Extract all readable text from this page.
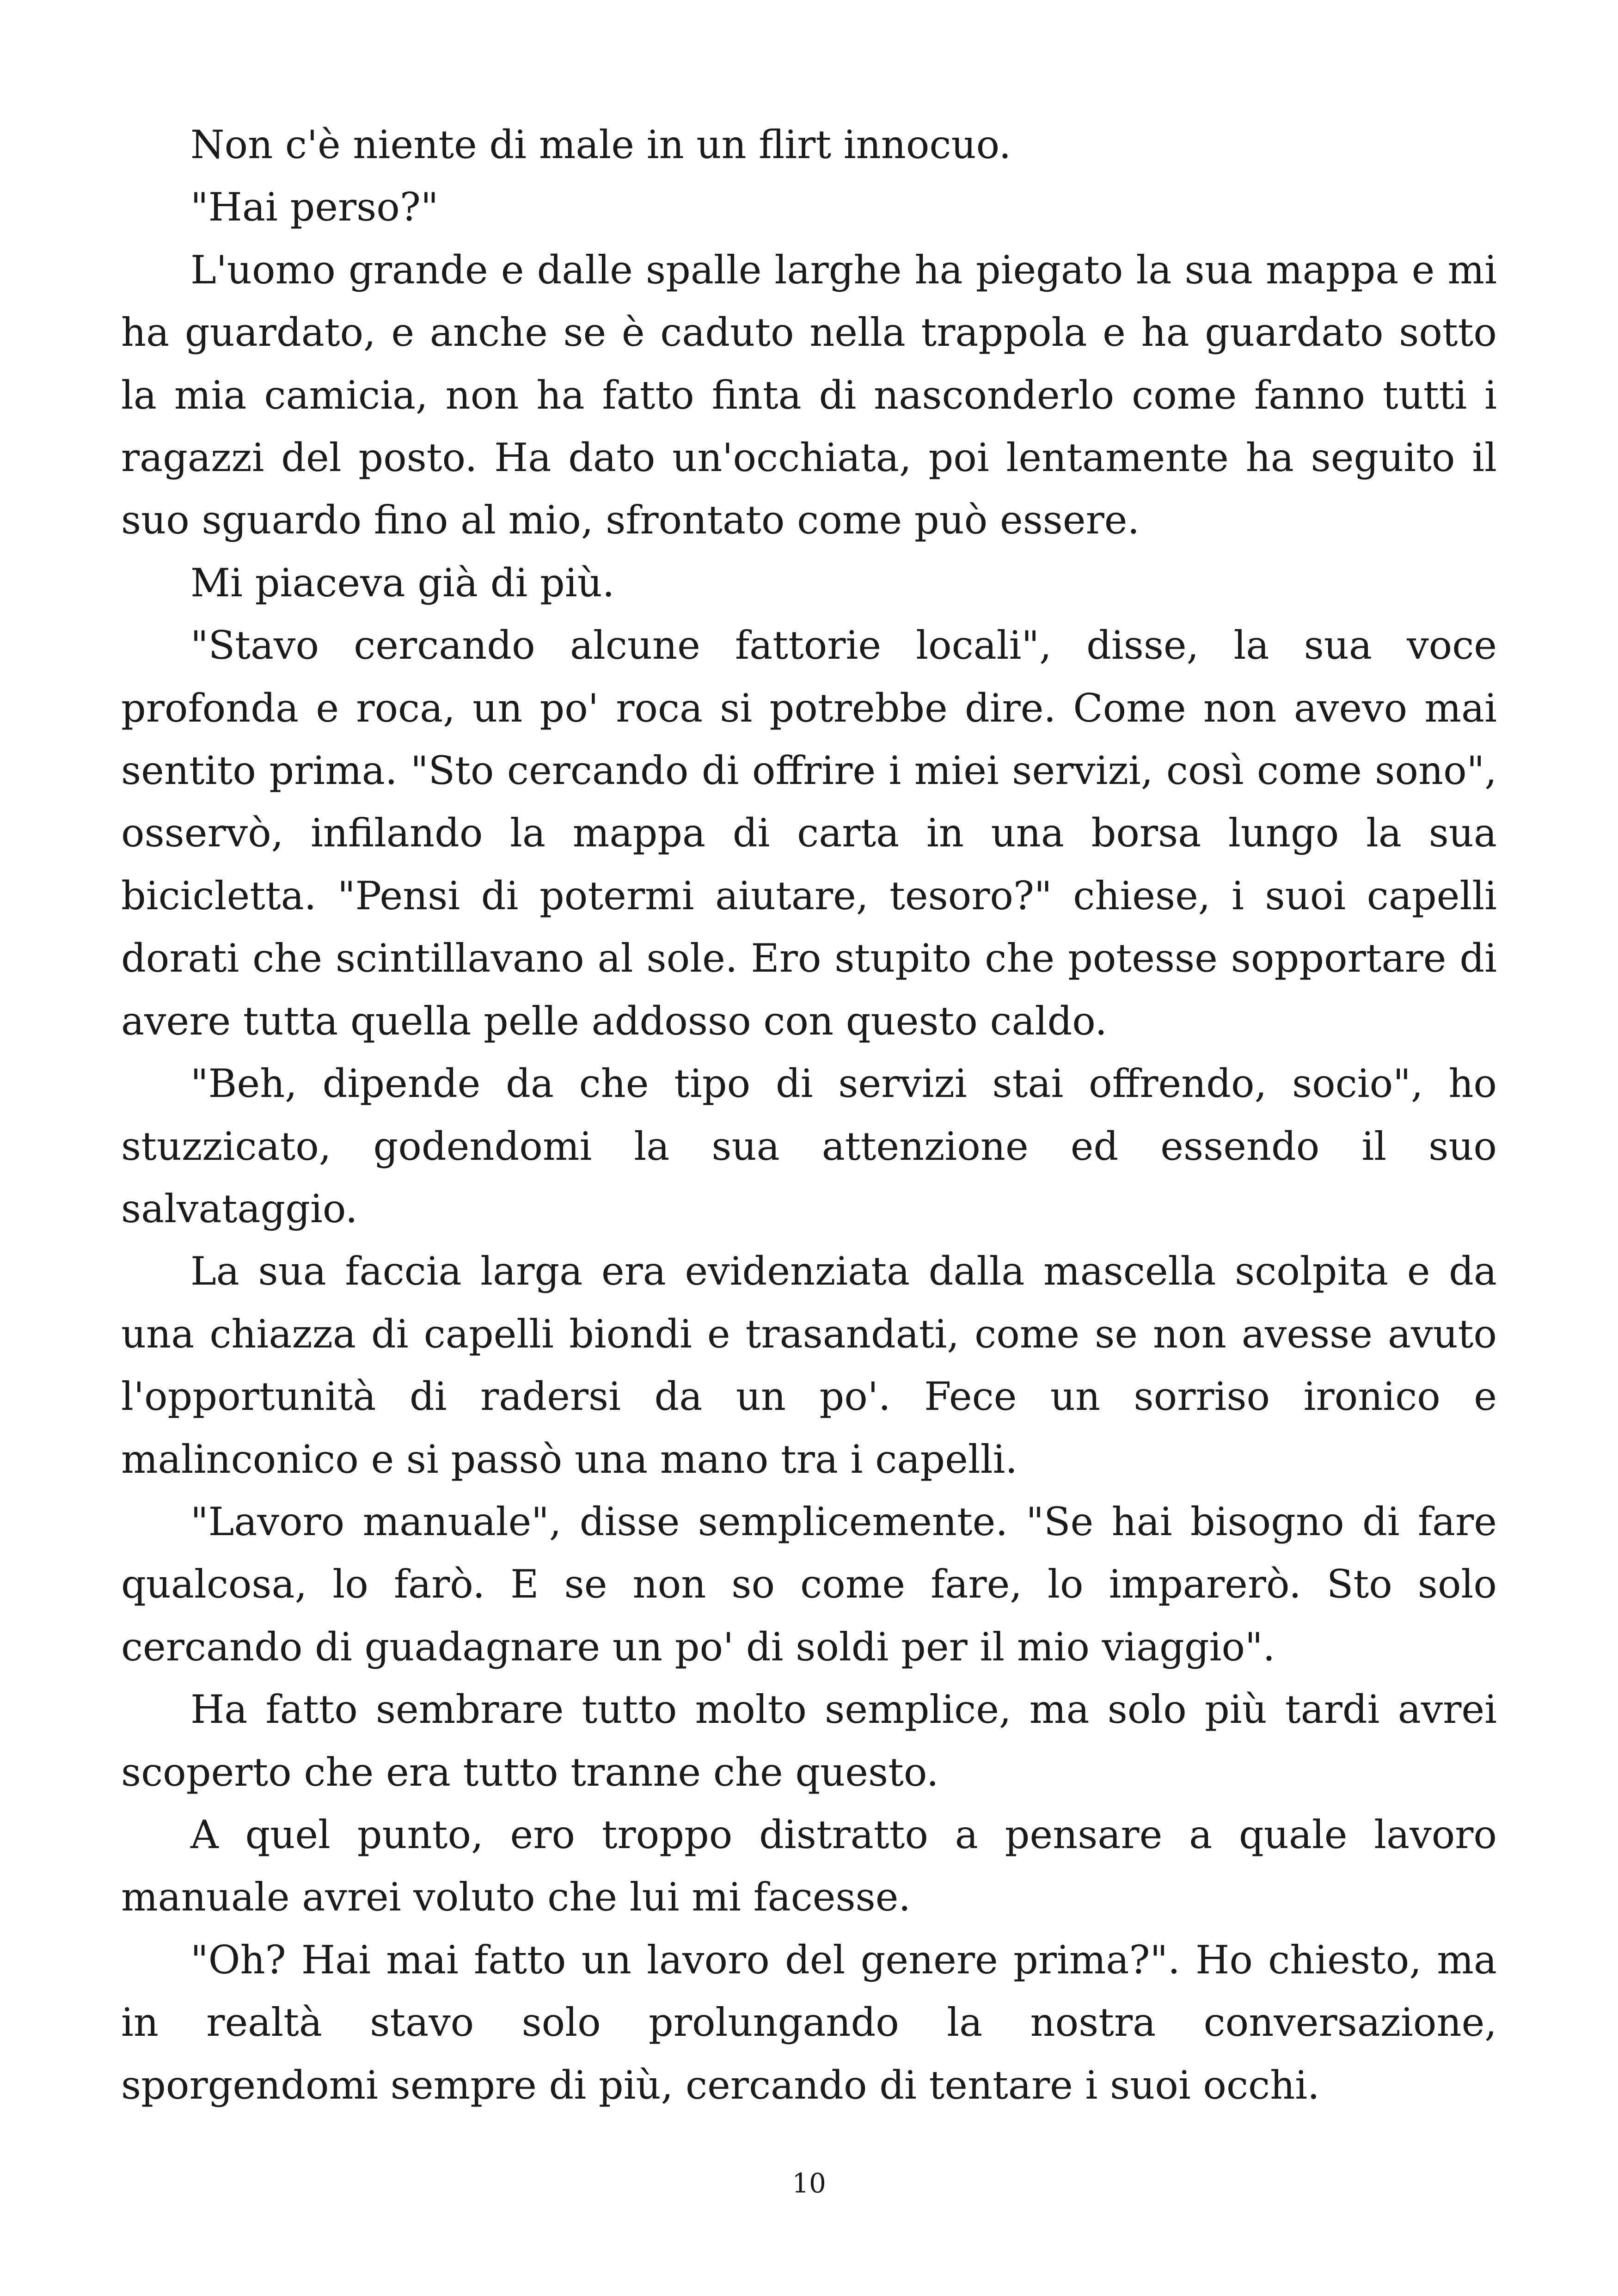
Non c'è niente di male in un flirt innocuo.

"Hai perso?"

L'uomo grande e dalle spalle larghe ha piegato la sua mappa e mi ha guardato, e anche se è caduto nella trappola e ha guardato sotto la mia camicia, non ha fatto finta di nasconderlo come fanno tutti i ragazzi del posto. Ha dato un'occhiata, poi lentamente ha seguito il suo sguardo fino al mio, sfrontato come può essere.

Mi piaceva già di più.

"Stavo cercando alcune fattorie locali", disse, la sua voce profonda e roca, un po' roca si potrebbe dire. Come non avevo mai sentito prima. "Sto cercando di offrire i miei servizi, così come sono", osservò, infilando la mappa di carta in una borsa lungo la sua bicicletta. "Pensi di potermi aiutare, tesoro?" chiese, i suoi capelli dorati che scintillavano al sole. Ero stupito che potesse sopportare di avere tutta quella pelle addosso con questo caldo.

"Beh, dipende da che tipo di servizi stai offrendo, socio", ho stuzzicato, godendomi la sua attenzione ed essendo il suo salvataggio.

La sua faccia larga era evidenziata dalla mascella scolpita e da una chiazza di capelli biondi e trasandati, come se non avesse avuto l'opportunità di radersi da un po'. Fece un sorriso ironico e malinconico e si passò una mano tra i capelli.

"Lavoro manuale", disse semplicemente. "Se hai bisogno di fare qualcosa, lo farò. E se non so come fare, lo imparerò. Sto solo cercando di guadagnare un po' di soldi per il mio viaggio".

Ha fatto sembrare tutto molto semplice, ma solo più tardi avrei scoperto che era tutto tranne che questo.

A quel punto, ero troppo distratto a pensare a quale lavoro manuale avrei voluto che lui mi facesse.

"Oh? Hai mai fatto un lavoro del genere prima?". Ho chiesto, ma in realtà stavo solo prolungando la nostra conversazione, sporgendomi sempre di più, cercando di tentare i suoi occhi.

10
